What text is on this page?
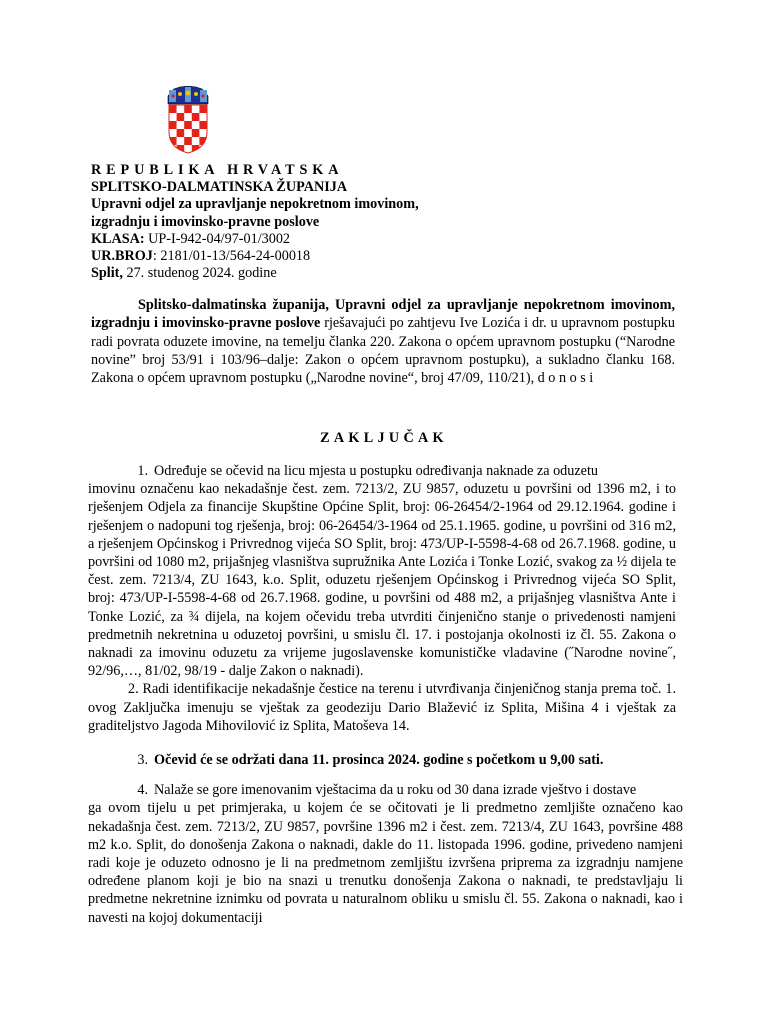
REPUBLIKA HRVATSKA
SPLITSKO-DALMATINSKA ŽUPANIJA
Upravni odjel za upravljanje nepokretnom imovinom,
izgradnju i imovinsko-pravne poslove
KLASA: UP-I-942-04/97-01/3002
UR.BROJ: 2181/01-13/564-24-00018
Split, 27. studenog 2024. godine

Splitsko-dalmatinska županija, Upravni odjel za upravljanje nepokretnom imovinom, izgradnju i imovinsko-pravne poslove rješavajući po zahtjevu Ive Lozića i dr. u upravnom postupku radi povrata oduzete imovine, na temelju članka 220. Zakona o općem upravnom postupku (“Narodne novine” broj 53/91 i 103/96–dalje: Zakon o općem upravnom postupku), a sukladno članku 168. Zakona o općem upravnom postupku („Narodne novine“, broj 47/09, 110/21), d o n o s i

ZAKLJUČAK
1. Određuje se očevid na licu mjesta u postupku određivanja naknade za oduzetu

imovinu označenu kao nekadašnje čest. zem. 7213/2, ZU 9857, oduzetu u površini od 1396 m2, i to rješenjem Odjela za financije Skupštine Općine Split, broj: 06-26454/2-1964 od 29.12.1964. godine i rješenjem o nadopuni tog rješenja, broj: 06-26454/3-1964 od 25.1.1965. godine, u površini od 316 m2, a rješenjem Općinskog i Privrednog vijeća SO Split, broj: 473/UP-I-5598-4-68 od 26.7.1968. godine, u površini od 1080 m2, prijašnjeg vlasništva supružnika Ante Lozića i Tonke Lozić, svakog za ½ dijela te čest. zem. 7213/4, ZU 1643, k.o. Split, oduzetu rješenjem Općinskog i Privrednog vijeća SO Split, broj: 473/UP-I-5598-4-68 od 26.7.1968. godine, u površini od 488 m2, a prijašnjeg vlasništva Ante i Tonke Lozić, za ¾ dijela, na kojem očevidu treba utvrditi činjenično stanje o privedenosti namjeni predmetnih nekretnina u oduzetoj površini, u smislu čl. 17. i postojanja okolnosti iz čl. 55. Zakona o naknadi za imovinu oduzetu za vrijeme jugoslavenske komunističke vladavine (˝Narodne novine˝, 92/96,…, 81/02, 98/19 - dalje Zakon o naknadi).

2. Radi identifikacije nekadašnje čestice na terenu i utvrđivanja činjeničnog stanja prema toč. 1. ovog Zaključka imenuju se vještak za geodeziju Dario Blažević iz Splita, Mišina 4 i vještak za graditeljstvo Jagoda Mihovilović iz Splita, Matoševa 14.

3. Očevid će se održati dana 11. prosinca 2024. godine s početkom u 9,00 sati.
4. Nalaže se gore imenovanim vještacima da u roku od 30 dana izrade vještvo i dostave

ga ovom tijelu u pet primjeraka, u kojem će se očitovati je li predmetno zemljište označeno kao nekadašnja čest. zem. 7213/2, ZU 9857, površine 1396 m2 i čest. zem. 7213/4, ZU 1643, površine 488 m2 k.o. Split, do donošenja Zakona o naknadi, dakle do 11. listopada 1996. godine, privedeno namjeni radi koje je oduzeto odnosno je li na predmetnom zemljištu izvršena priprema za izgradnju namjene određene planom koji je bio na snazi u trenutku donošenja Zakona o naknadi, te predstavljaju li predmetne nekretnine iznimku od povrata u naturalnom obliku u smislu čl. 55. Zakona o naknadi, kao i navesti na kojoj dokumentaciji
